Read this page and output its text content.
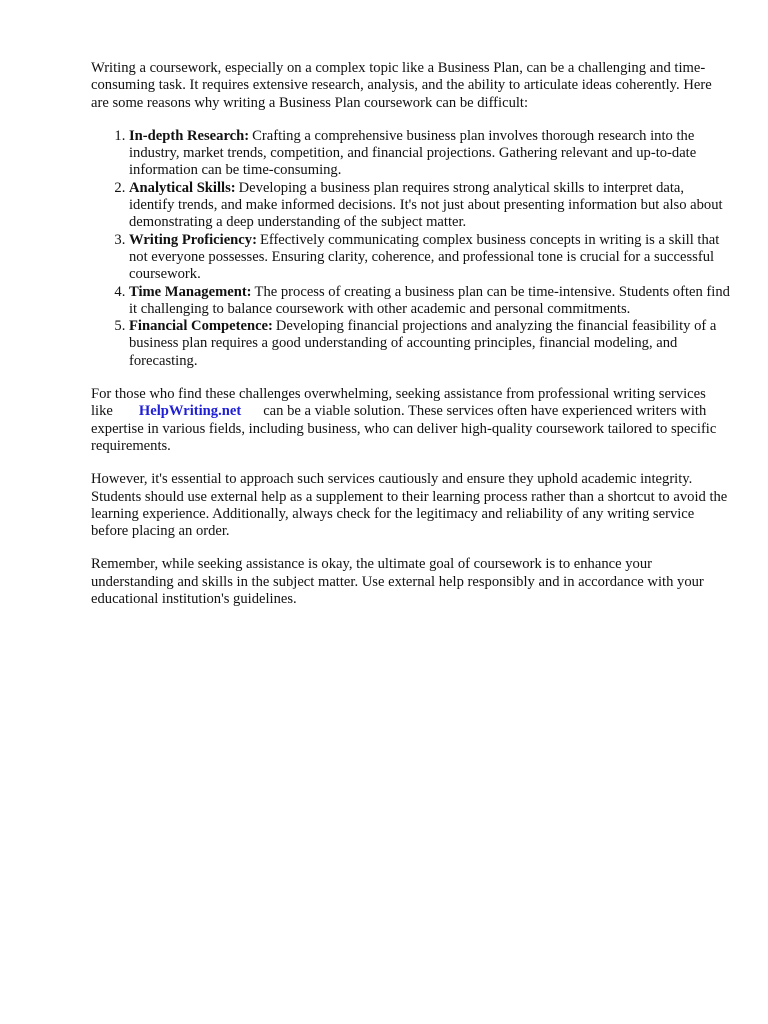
Writing a coursework, especially on a complex topic like a Business Plan, can be a challenging and time-consuming task. It requires extensive research, analysis, and the ability to articulate ideas coherently. Here are some reasons why writing a Business Plan coursework can be difficult:

1. In-depth Research: Crafting a comprehensive business plan involves thorough research into the industry, market trends, competition, and financial projections. Gathering relevant and up-to-date information can be time-consuming.
2. Analytical Skills: Developing a business plan requires strong analytical skills to interpret data, identify trends, and make informed decisions. It's not just about presenting information but also about demonstrating a deep understanding of the subject matter.
3. Writing Proficiency: Effectively communicating complex business concepts in writing is a skill that not everyone possesses. Ensuring clarity, coherence, and professional tone is crucial for a successful coursework.
4. Time Management: The process of creating a business plan can be time-intensive. Students often find it challenging to balance coursework with other academic and personal commitments.
5. Financial Competence: Developing financial projections and analyzing the financial feasibility of a business plan requires a good understanding of accounting principles, financial modeling, and forecasting.

For those who find these challenges overwhelming, seeking assistance from professional writing services like HelpWriting.net can be a viable solution. These services often have experienced writers with expertise in various fields, including business, who can deliver high-quality coursework tailored to specific requirements.

However, it's essential to approach such services cautiously and ensure they uphold academic integrity. Students should use external help as a supplement to their learning process rather than a shortcut to avoid the learning experience. Additionally, always check for the legitimacy and reliability of any writing service before placing an order.

Remember, while seeking assistance is okay, the ultimate goal of coursework is to enhance your understanding and skills in the subject matter. Use external help responsibly and in accordance with your educational institution's guidelines.
